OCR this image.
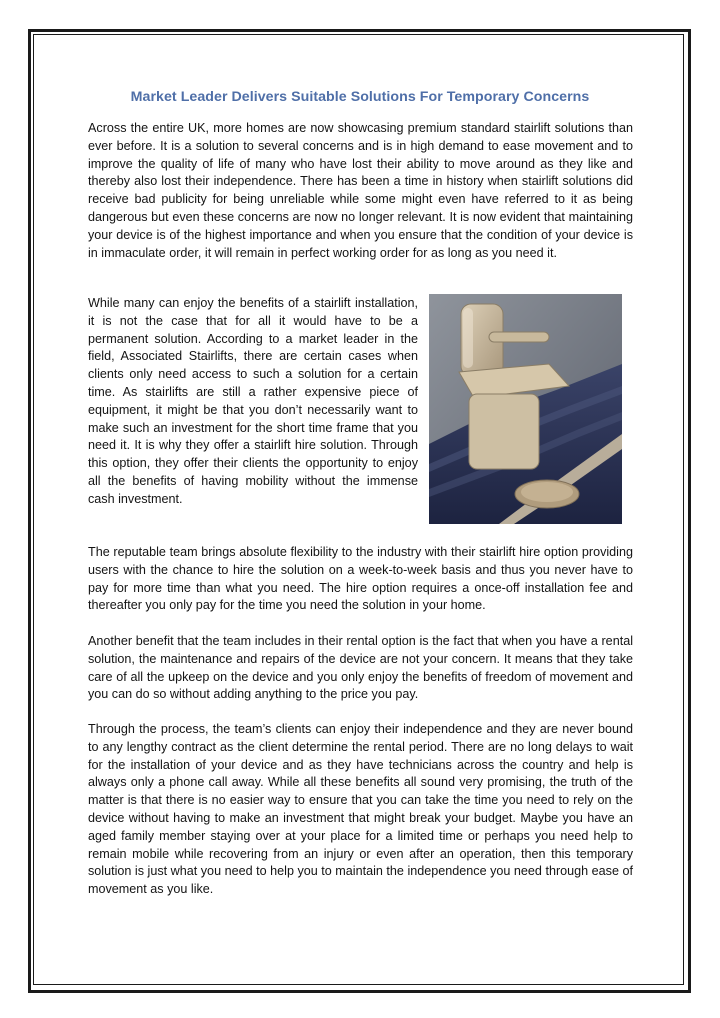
Market Leader Delivers Suitable Solutions For Temporary Concerns

Across the entire UK, more homes are now showcasing premium standard stairlift solutions than ever before. It is a solution to several concerns and is in high demand to ease movement and to improve the quality of life of many who have lost their ability to move around as they like and thereby also lost their independence. There has been a time in history when stairlift solutions did receive bad publicity for being unreliable while some might even have referred to it as being dangerous but even these concerns are now no longer relevant. It is now evident that maintaining your device is of the highest importance and when you ensure that the condition of your device is in immaculate order, it will remain in perfect working order for as long as you need it.

While many can enjoy the benefits of a stairlift installation, it is not the case that for all it would have to be a permanent solution. According to a market leader in the field, Associated Stairlifts, there are certain cases when clients only need access to such a solution for a certain time. As stairlifts are still a rather expensive piece of equipment, it might be that you don’t necessarily want to make such an investment for the short time frame that you need it. It is why they offer a stairlift hire solution. Through this option, they offer their clients the opportunity to enjoy all the benefits of having mobility without the immense cash investment.

The reputable team brings absolute flexibility to the industry with their stairlift hire option providing users with the chance to hire the solution on a week-to-week basis and thus you never have to pay for more time than what you need. The hire option requires a once-off installation fee and thereafter you only pay for the time you need the solution in your home.

Another benefit that the team includes in their rental option is the fact that when you have a rental solution, the maintenance and repairs of the device are not your concern. It means that they take care of all the upkeep on the device and you only enjoy the benefits of freedom of movement and you can do so without adding anything to the price you pay.

Through the process, the team’s clients can enjoy their independence and they are never bound to any lengthy contract as the client determine the rental period. There are no long delays to wait for the installation of your device and as they have technicians across the country and help is always only a phone call away. While all these benefits all sound very promising, the truth of the matter is that there is no easier way to ensure that you can take the time you need to rely on the device without having to make an investment that might break your budget. Maybe you have an aged family member staying over at your place for a limited time or perhaps you need help to remain mobile while recovering from an injury or even after an operation, then this temporary solution is just what you need to help you to maintain the independence you need through ease of movement as you like.
